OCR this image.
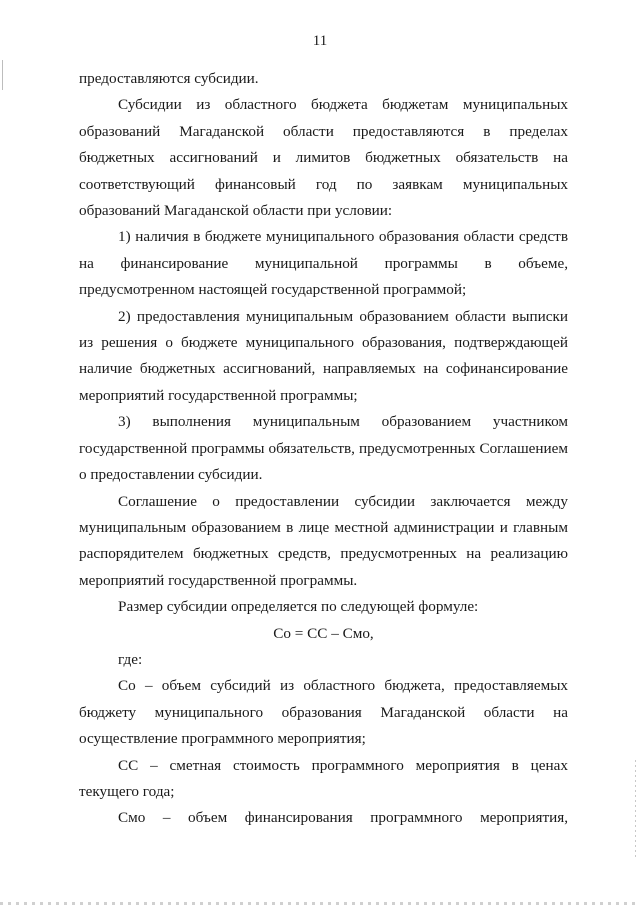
11

предоставляются субсидии.

Субсидии из областного бюджета бюджетам муниципальных образований Магаданской области предоставляются в пределах бюджетных ассигнований и лимитов бюджетных обязательств на соответствующий финансовый год по заявкам муниципальных образований Магаданской области при условии:

1) наличия в бюджете муниципального образования области средств на финансирование муниципальной программы в объеме, предусмотренном настоящей государственной программой;

2) предоставления муниципальным образованием области выписки из решения о бюджете муниципального образования, подтверждающей наличие бюджетных ассигнований, направляемых на софинансирование мероприятий государственной программы;

3) выполнения муниципальным образованием участником государственной программы обязательств, предусмотренных Соглашением о предоставлении субсидии.

Соглашение о предоставлении субсидии заключается между муниципальным образованием в лице местной администрации и главным распорядителем бюджетных средств, предусмотренных на реализацию мероприятий государственной программы.

Размер субсидии определяется по следующей формуле:

Со = СС – Смо,

где:

Со – объем субсидий из областного бюджета, предоставляемых бюджету муниципального образования Магаданской области на осуществление программного мероприятия;

СС – сметная стоимость программного мероприятия в ценах текущего года;

Смо – объем финансирования программного мероприятия,
